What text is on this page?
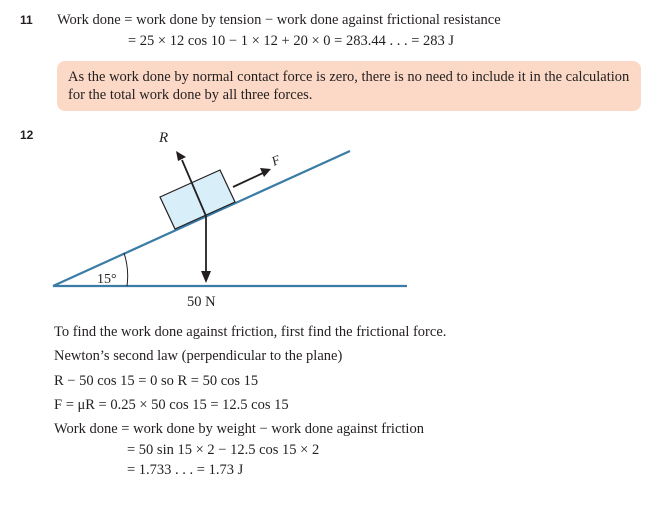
11 Work done = work done by tension − work done against frictional resistance
= 25 × 12 cos 10 − 1 × 12 + 20 × 0 = 283.44 . . . = 283 J
As the work done by normal contact force is zero, there is no need to include it in the calculation for the total work done by all three forces.
12	R
F
15°
50 N
To find the work done against friction, first find the frictional force.
Newton’s second law (perpendicular to the plane)
R − 50 cos 15 = 0 so R = 50 cos 15
F = μR = 0.25 × 50 cos 15 = 12.5 cos 15
Work done = work done by weight − work done against friction
= 50 sin 15 × 2 − 12.5 cos 15 × 2
= 1.733 . . . = 1.73 J
